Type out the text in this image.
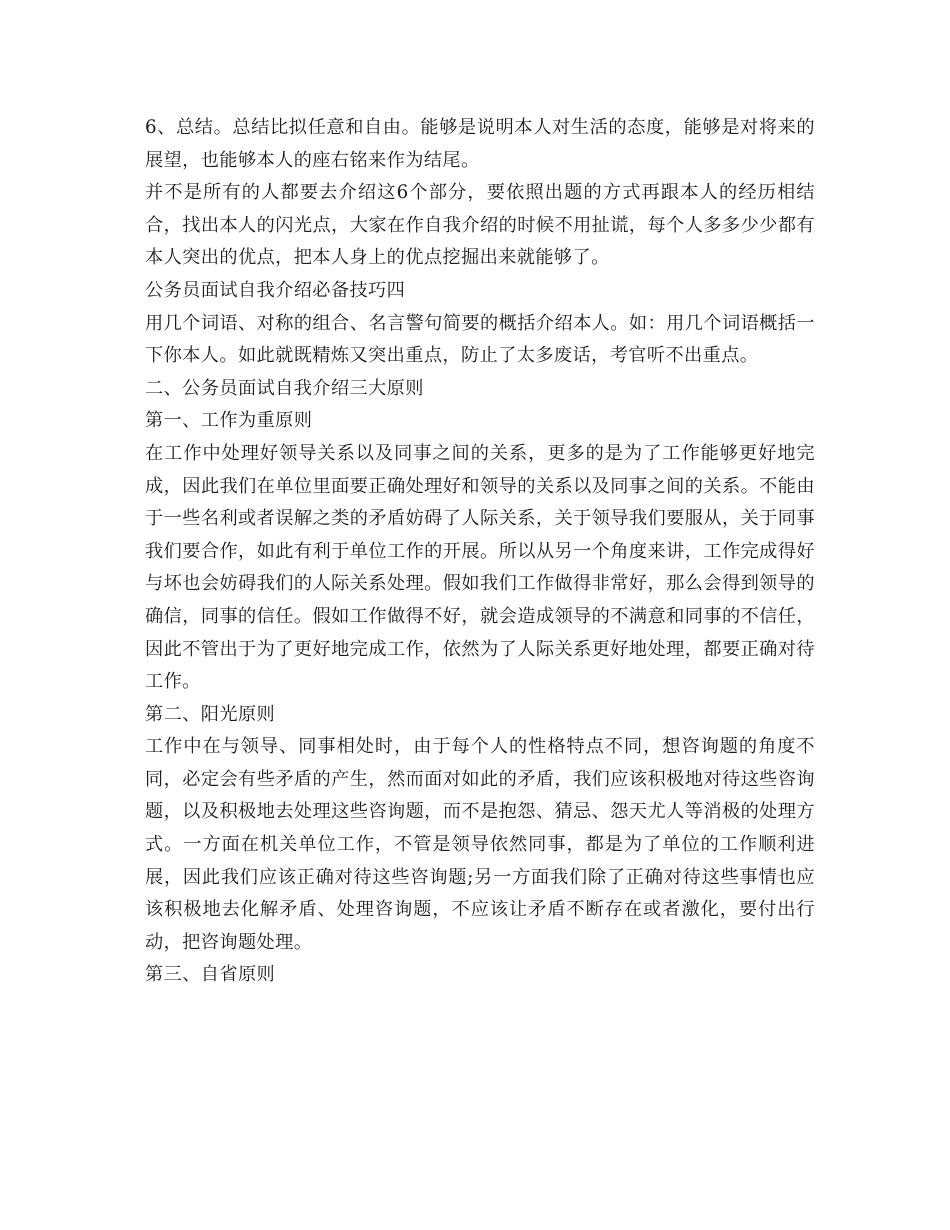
6、总结。总结比拟任意和自由。能够是说明本人对生活的态度，能够是对将来的展望，也能够本人的座右铭来作为结尾。

并不是所有的人都要去介绍这6个部分，要依照出题的方式再跟本人的经历相结合，找出本人的闪光点，大家在作自我介绍的时候不用扯谎，每个人多多少少都有本人突出的优点，把本人身上的优点挖掘出来就能够了。

公务员面试自我介绍必备技巧四

用几个词语、对称的组合、名言警句简要的概括介绍本人。如：用几个词语概括一下你本人。如此就既精炼又突出重点，防止了太多废话，考官听不出重点。

二、公务员面试自我介绍三大原则

第一、工作为重原则

在工作中处理好领导关系以及同事之间的关系，更多的是为了工作能够更好地完成，因此我们在单位里面要正确处理好和领导的关系以及同事之间的关系。不能由于一些名利或者误解之类的矛盾妨碍了人际关系，关于领导我们要服从，关于同事我们要合作，如此有利于单位工作的开展。所以从另一个角度来讲，工作完成得好与坏也会妨碍我们的人际关系处理。假如我们工作做得非常好，那么会得到领导的确信，同事的信任。假如工作做得不好，就会造成领导的不满意和同事的不信任，因此不管出于为了更好地完成工作，依然为了人际关系更好地处理，都要正确对待工作。

第二、阳光原则

工作中在与领导、同事相处时，由于每个人的性格特点不同，想咨询题的角度不同，必定会有些矛盾的产生，然而面对如此的矛盾，我们应该积极地对待这些咨询题，以及积极地去处理这些咨询题，而不是抱怨、猜忌、怨天尤人等消极的处理方式。一方面在机关单位工作，不管是领导依然同事，都是为了单位的工作顺利进展，因此我们应该正确对待这些咨询题;另一方面我们除了正确对待这些事情也应该积极地去化解矛盾、处理咨询题，不应该让矛盾不断存在或者激化，要付出行动，把咨询题处理。

第三、自省原则
